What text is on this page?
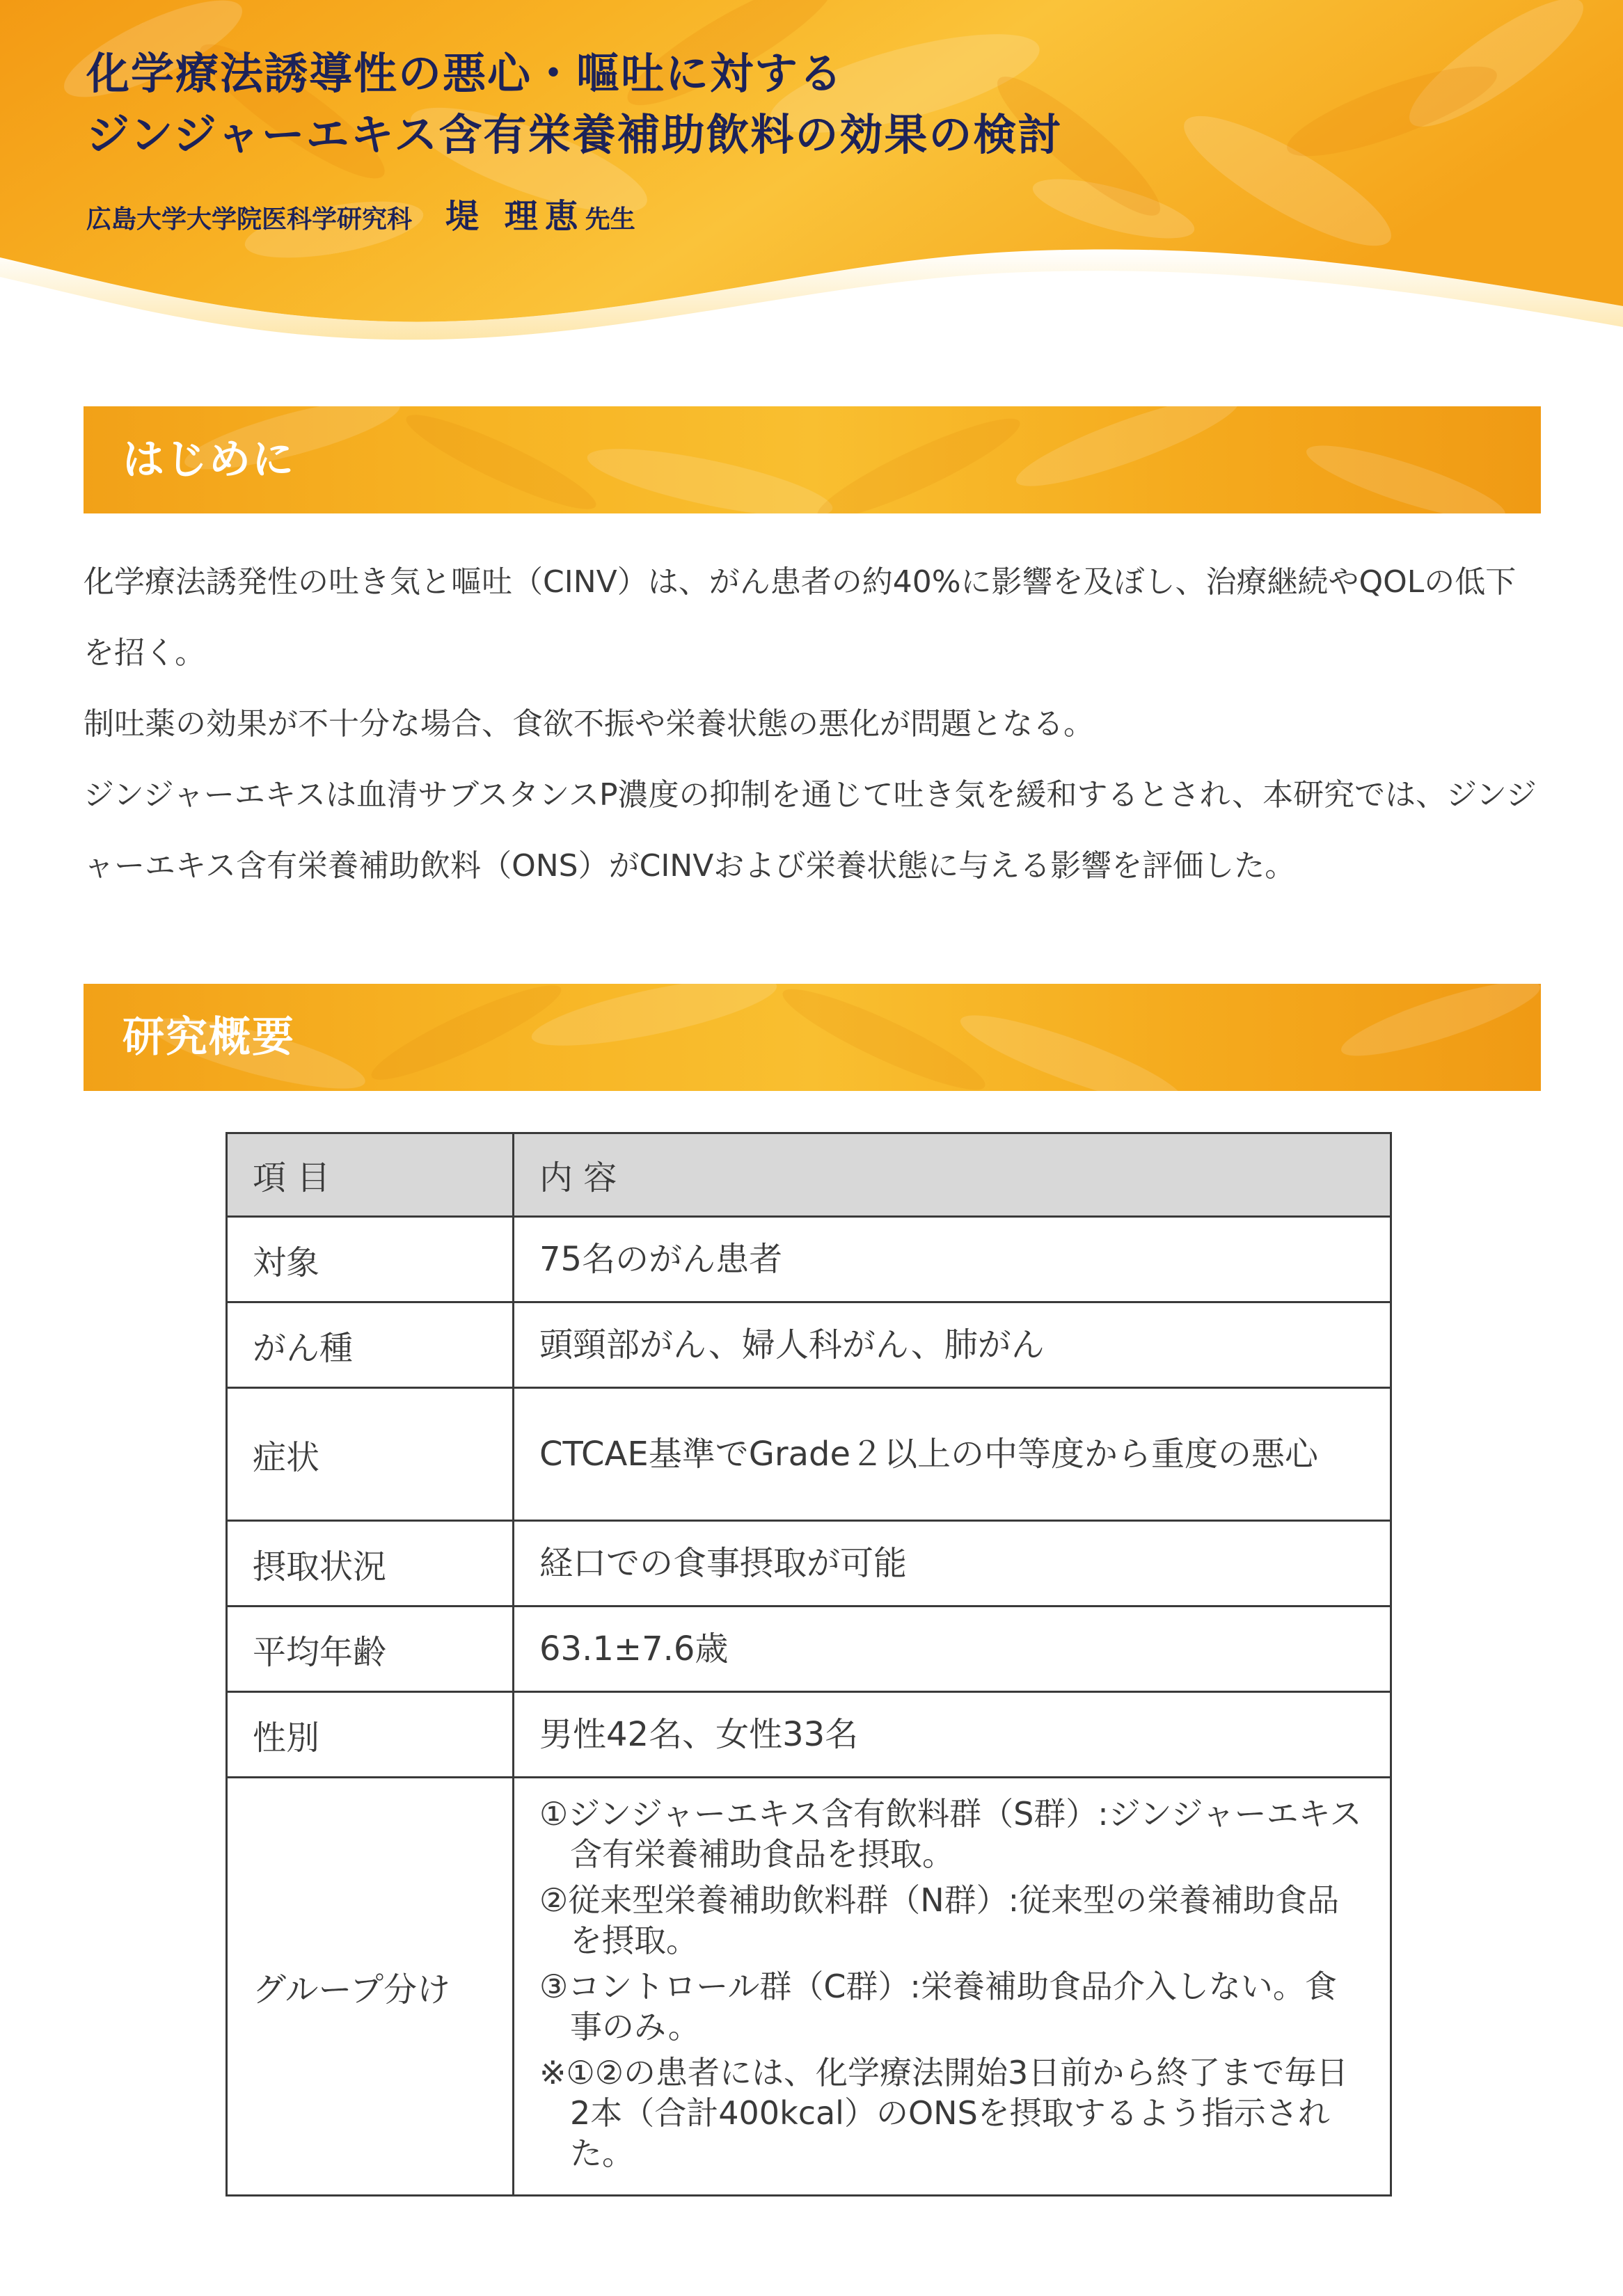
化学療法誘導性の悪心・嘔吐に対する
ジンジャーエキス含有栄養補助飲料の効果の検討
広島大学大学院医科学研究科 堤 理恵先生
はじめに

化学療法誘発性の吐き気と嘔吐（CINV）は、がん患者の約40%に影響を及ぼし、治療継続やQOLの低下を招く。

制吐薬の効果が不十分な場合、食欲不振や栄養状態の悪化が問題となる。

ジンジャーエキスは血清サブスタンスP濃度の抑制を通じて吐き気を緩和するとされ、本研究では、ジンジャーエキス含有栄養補助飲料（ONS）がCINVおよび栄養状態に与える影響を評価した。

研究概要
項 目	内 容
対象	75名のがん患者
がん種	頭頸部がん、婦人科がん、肺がん
症状	CTCAE基準でGrade２以上の中等度から重度の悪心
摂取状況	経口での食事摂取が可能
平均年齢	63.1±7.6歳
性別	男性42名、女性33名
グループ分け	①ジンジャーエキス含有飲料群（S群）:ジンジャーエキス含有栄養補助食品を摂取。

②従来型栄養補助飲料群（N群）:従来型の栄養補助食品を摂取。

③コントロール群（C群）:栄養補助食品介入しない。食事のみ。

※①②の患者には、化学療法開始3日前から終了まで毎日2本（合計400kcal）のONSを摂取するよう指示された。
